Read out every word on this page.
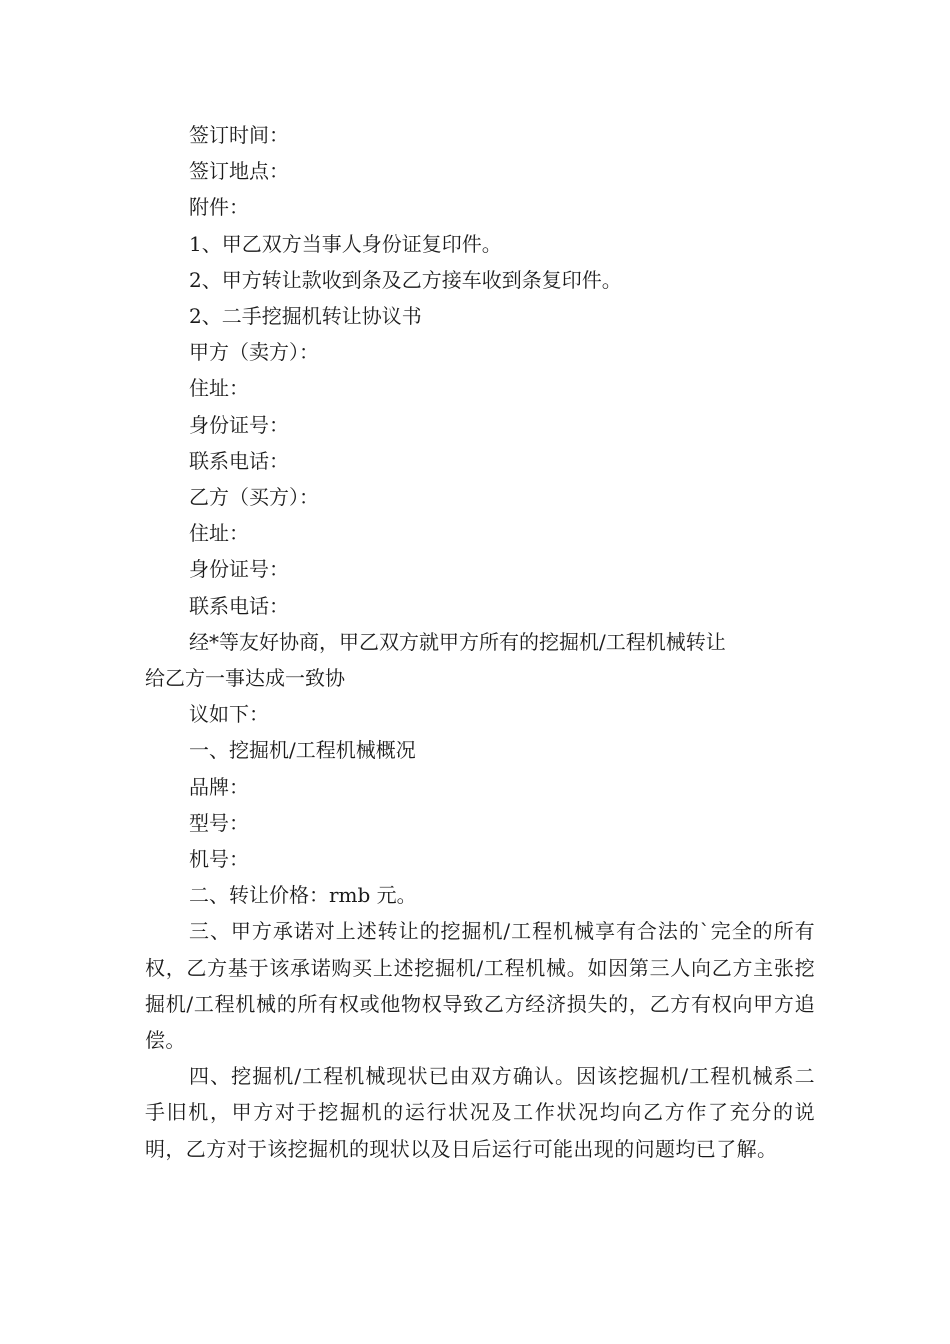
签订时间：

签订地点：

附件：

1、甲乙双方当事人身份证复印件。

2、甲方转让款收到条及乙方接车收到条复印件。

2、二手挖掘机转让协议书

甲方（卖方）：

住址：

身份证号：

联系电话：

乙方（买方）：

住址：

身份证号：

联系电话：

经*等友好协商，甲乙双方就甲方所有的挖掘机/工程机械转让

给乙方一事达成一致协

议如下：

一、挖掘机/工程机械概况

品牌：

型号：

机号：

二、转让价格：rmb 元。

三、甲方承诺对上述转让的挖掘机/工程机械享有合法的`完全的所有权，乙方基于该承诺购买上述挖掘机/工程机械。如因第三人向乙方主张挖掘机/工程机械的所有权或他物权导致乙方经济损失的，乙方有权向甲方追偿。

四、挖掘机/工程机械现状已由双方确认。因该挖掘机/工程机械系二手旧机，甲方对于挖掘机的运行状况及工作状况均向乙方作了充分的说明，乙方对于该挖掘机的现状以及日后运行可能出现的问题均已了解。
